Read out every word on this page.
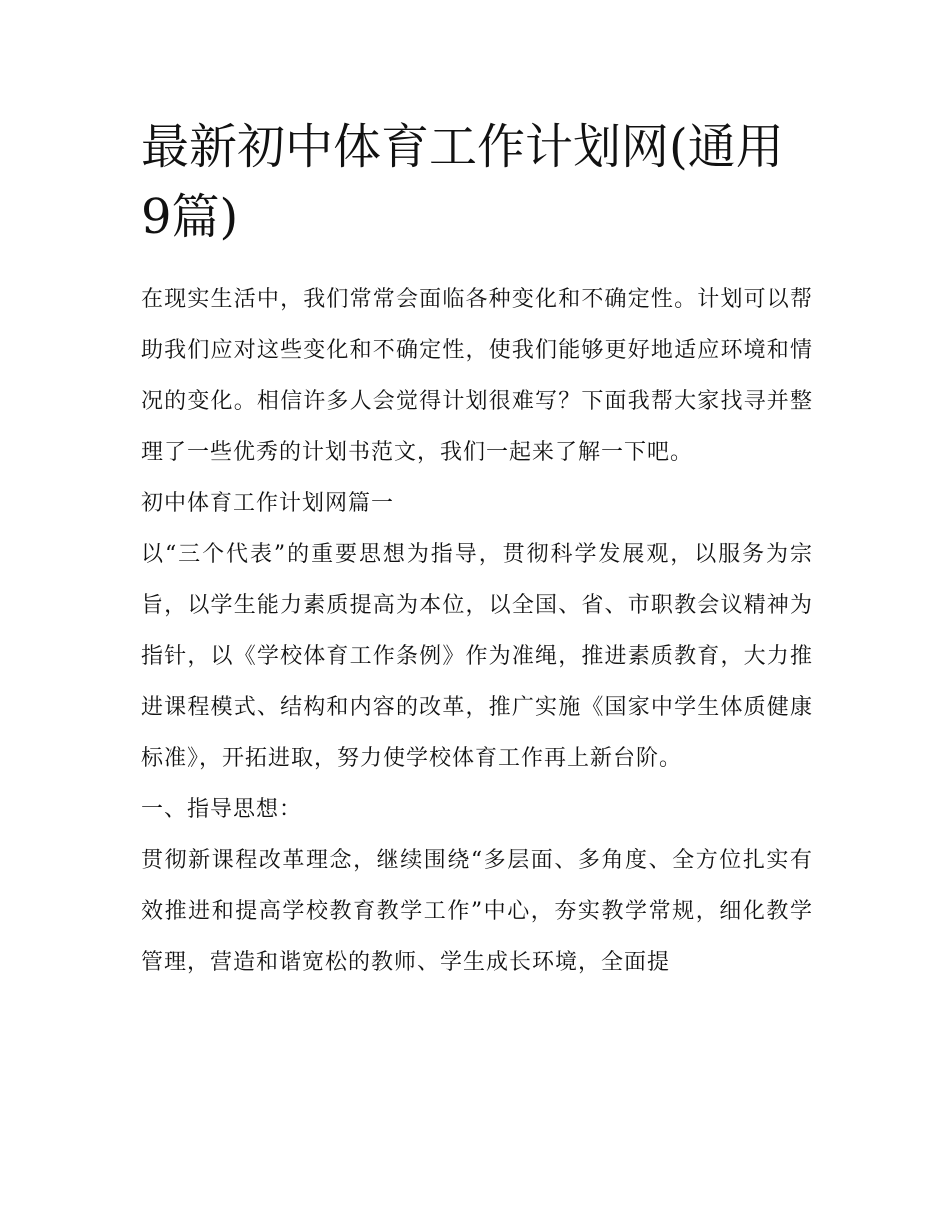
最新初中体育工作计划网(通用9篇)

在现实生活中，我们常常会面临各种变化和不确定性。计划可以帮助我们应对这些变化和不确定性，使我们能够更好地适应环境和情况的变化。相信许多人会觉得计划很难写？下面我帮大家找寻并整理了一些优秀的计划书范文，我们一起来了解一下吧。

初中体育工作计划网篇一

以“三个代表”的重要思想为指导，贯彻科学发展观，以服务为宗旨，以学生能力素质提高为本位，以全国、省、市职教会议精神为指针，以《学校体育工作条例》作为准绳，推进素质教育，大力推进课程模式、结构和内容的改革，推广实施《国家中学生体质健康标准》，开拓进取，努力使学校体育工作再上新台阶。

一、指导思想：

贯彻新课程改革理念，继续围绕“多层面、多角度、全方位扎实有效推进和提高学校教育教学工作”中心，夯实教学常规，细化教学管理，营造和谐宽松的教师、学生成长环境，全面提
